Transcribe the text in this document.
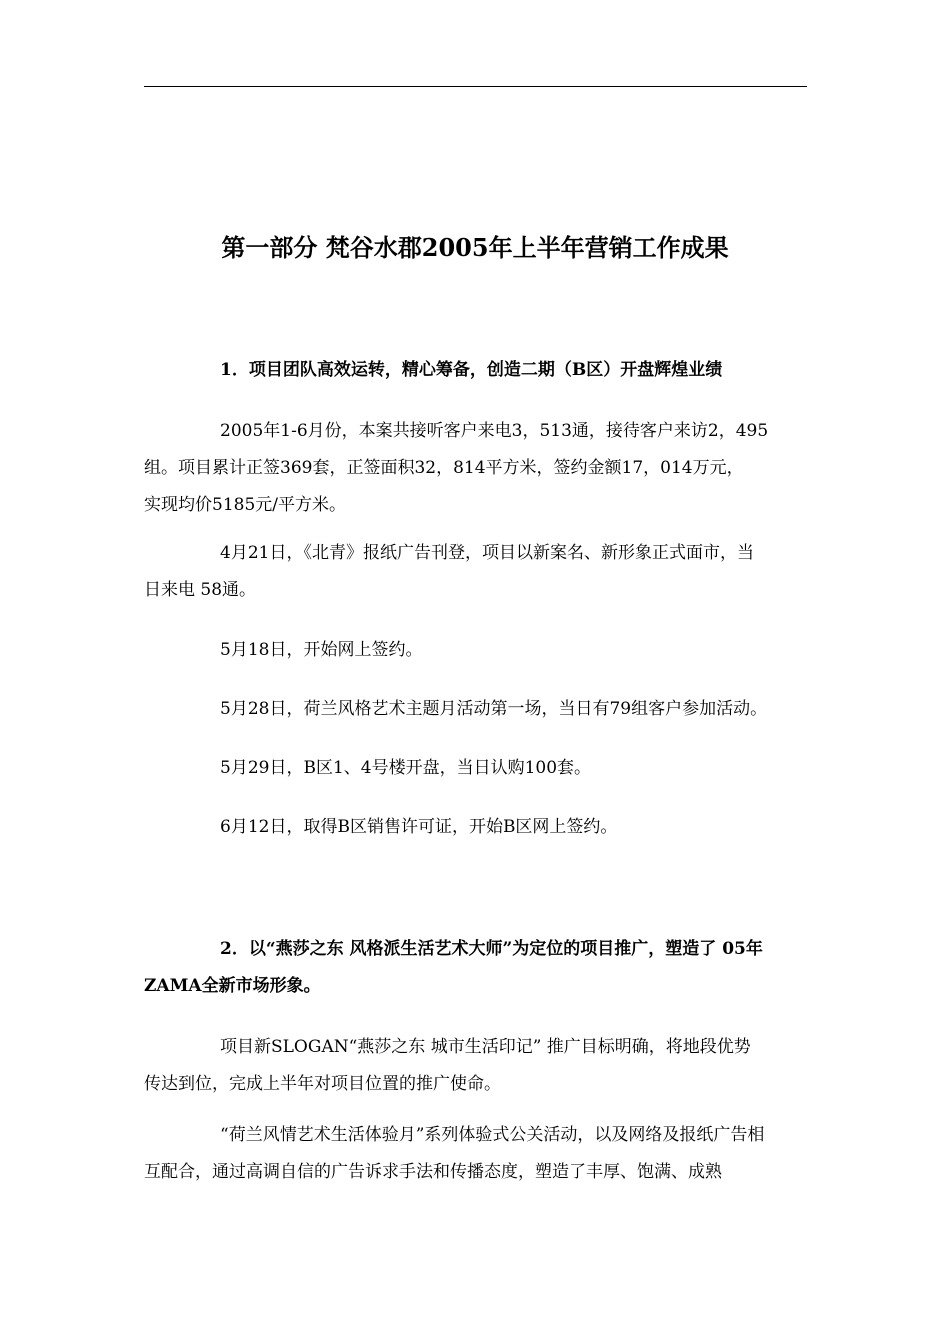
第一部分 梵谷水郡2005年上半年营销工作成果
1．项目团队高效运转，精心筹备，创造二期（B区）开盘辉煌业绩
2005年1-6月份，本案共接听客户来电3，513通，接待客户来访2，495
组。项目累计正签369套，正签面积32，814平方米，签约金额17，014万元，
实现均价5185元/平方米。
4月21日，《北青》报纸广告刊登，项目以新案名、新形象正式面市，当
日来电 58通。
5月18日，开始网上签约。
5月28日，荷兰风格艺术主题月活动第一场，当日有79组客户参加活动。
5月29日，B区1、4号楼开盘，当日认购100套。
6月12日，取得B区销售许可证，开始B区网上签约。
2．以“燕莎之东 风格派生活艺术大师”为定位的项目推广，塑造了 05年
ZAMA全新市场形象。
项目新SLOGAN“燕莎之东 城市生活印记” 推广目标明确，将地段优势
传达到位，完成上半年对项目位置的推广使命。
“荷兰风情艺术生活体验月”系列体验式公关活动，以及网络及报纸广告相
互配合，通过高调自信的广告诉求手法和传播态度，塑造了丰厚、饱满、成熟
